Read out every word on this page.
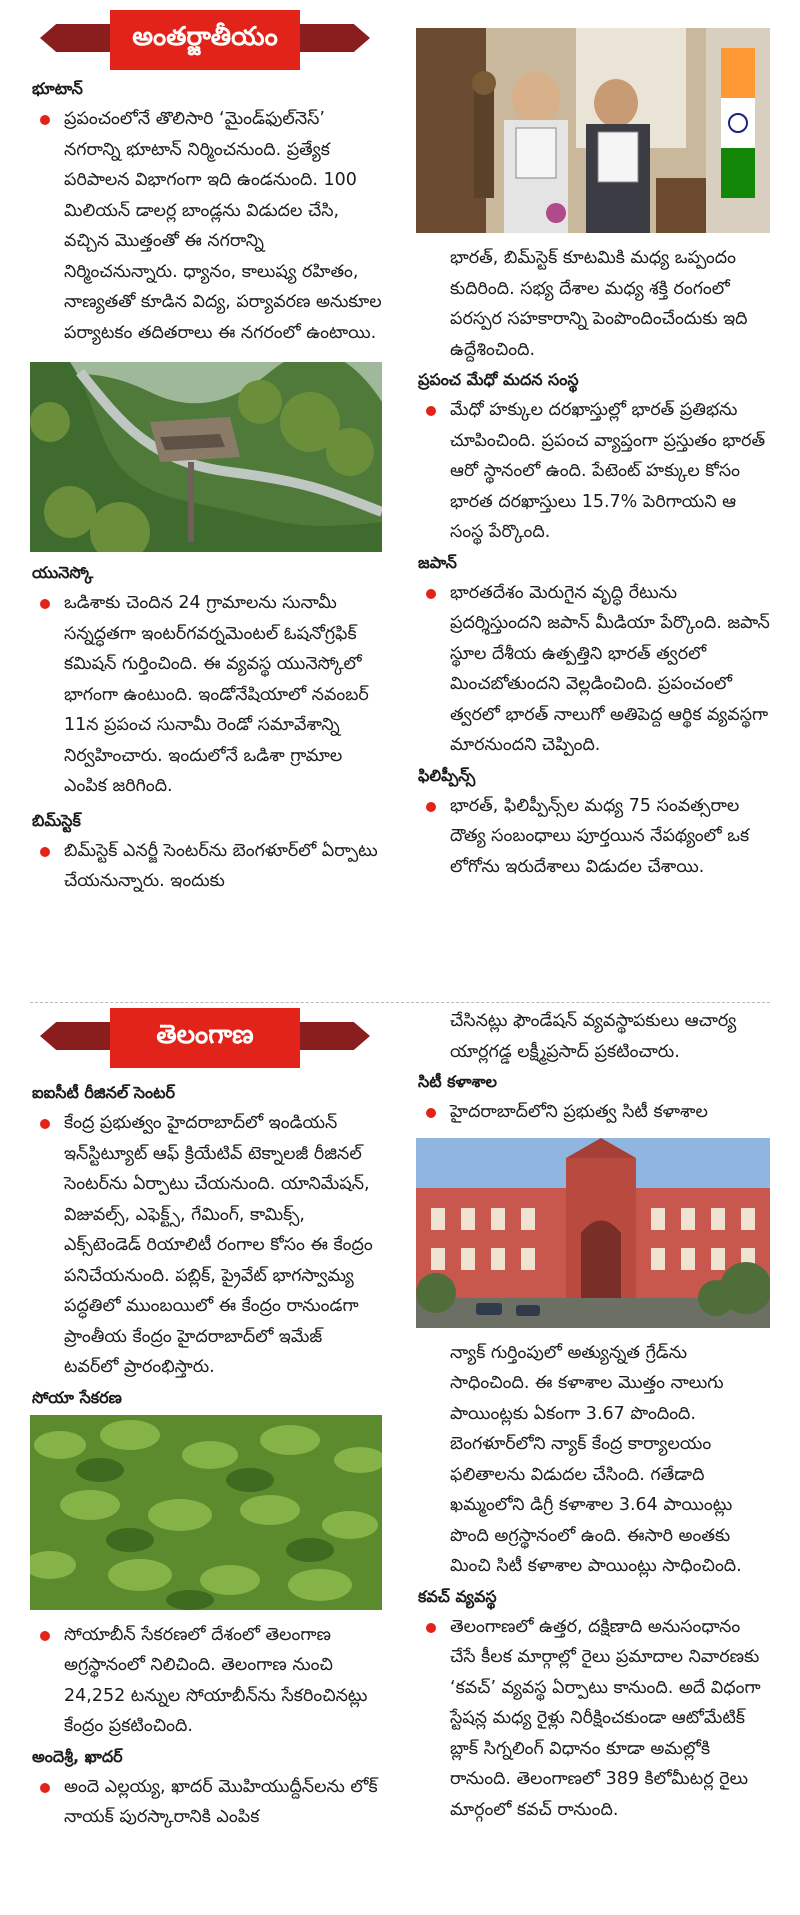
అంతర్జాతీయం
భూటాన్
ప్రపంచంలోనే తొలిసారి ‘మైండ్‌ఫుల్‌నెస్’ నగరాన్ని భూటాన్ నిర్మించనుంది. ప్రత్యేక పరిపాలన విభాగంగా ఇది ఉండనుంది. 100 మిలియన్ డాలర్ల బాండ్లను విడుదల చేసి, వచ్చిన మొత్తంతో ఈ నగరాన్ని నిర్మించనున్నారు. ధ్యానం, కాలుష్య రహితం, నాణ్యతతో కూడిన విద్య, పర్యావరణ అనుకూల పర్యాటకం తదితరాలు ఈ నగరంలో ఉంటాయి.
యునెస్కో
ఒడిశాకు చెందిన 24 గ్రామాలను సునామీ సన్నద్ధతగా ఇంటర్‌గవర్నమెంటల్ ఓషనోగ్రఫిక్ కమిషన్ గుర్తించింది. ఈ వ్యవస్థ యునెస్కోలో భాగంగా ఉంటుంది. ఇండోనేషియాలో నవంబర్ 11న ప్రపంచ సునామీ రెండో సమావేశాన్ని నిర్వహించారు. ఇందులోనే ఒడిశా గ్రామాల ఎంపిక జరిగింది.
బిమ్‌స్టెక్
బిమ్‌స్టెక్ ఎనర్జీ సెంటర్‌ను బెంగళూర్‌లో ఏర్పాటు చేయనున్నారు. ఇందుకు
భారత్, బిమ్‌స్టెక్ కూటమికి మధ్య ఒప్పందం కుదిరింది. సభ్య దేశాల మధ్య శక్తి రంగంలో పరస్పర సహకారాన్ని పెంపొందించేందుకు ఇది ఉద్దేశించింది.
ప్రపంచ మేధో మదన సంస్థ
మేధో హక్కుల దరఖాస్తుల్లో భారత్ ప్రతిభను చూపించింది. ప్రపంచ వ్యాప్తంగా ప్రస్తుతం భారత్ ఆరో స్థానంలో ఉంది. పేటెంట్ హక్కుల కోసం భారత దరఖాస్తులు 15.7% పెరిగాయని ఆ సంస్థ పేర్కొంది.
జపాన్
భారతదేశం మెరుగైన వృద్ధి రేటును ప్రదర్శిస్తుందని జపాన్ మీడియా పేర్కొంది. జపాన్ స్థూల దేశీయ ఉత్పత్తిని భారత్ త్వరలో మించబోతుందని వెల్లడించింది. ప్రపంచంలో త్వరలో భారత్ నాలుగో అతిపెద్ద ఆర్థిక వ్యవస్థగా మారనుందని చెప్పింది.
ఫిలిప్పీన్స్
భారత్, ఫిలిప్పీన్స్‌ల మధ్య 75 సంవత్సరాల దౌత్య సంబంధాలు పూర్తయిన నేపథ్యంలో ఒక లోగోను ఇరుదేశాలు విడుదల చేశాయి.
తెలంగాణ
ఐఐసీటీ రీజినల్ సెంటర్
కేంద్ర ప్రభుత్వం హైదరాబాద్‌లో ఇండియన్ ఇన్‌స్టిట్యూట్ ఆఫ్ క్రియేటివ్ టెక్నాలజీ రీజినల్ సెంటర్‌ను ఏర్పాటు చేయనుంది. యానిమేషన్, విజువల్స్, ఎఫెక్ట్స్, గేమింగ్, కామిక్స్, ఎక్స్‌టెండెడ్ రియాలిటీ రంగాల కోసం ఈ కేంద్రం పనిచేయనుంది. పబ్లిక్, ప్రైవేట్ భాగస్వామ్య పద్ధతిలో ముంబయిలో ఈ కేంద్రం రానుండగా ప్రాంతీయ కేంద్రం హైదరాబాద్‌లో ఇమేజ్ టవర్‌లో ప్రారంభిస్తారు.
సోయా సేకరణ
సోయాబీన్ సేకరణలో దేశంలో తెలంగాణ అగ్రస్థానంలో నిలిచింది. తెలంగాణ నుంచి 24,252 టన్నుల సోయాబీన్‌ను సేకరించినట్లు కేంద్రం ప్రకటించింది.
అందెశ్రీ, ఖాదర్
అందె ఎల్లయ్య, ఖాదర్ మొహియుద్దీన్‌లను లోక్ నాయక్ పురస్కారానికి ఎంపిక
చేసినట్లు ఫౌండేషన్ వ్యవస్థాపకులు ఆచార్య యార్లగడ్డ లక్ష్మీప్రసాద్ ప్రకటించారు.
సిటీ కళాశాల
హైదరాబాద్‌లోని ప్రభుత్వ సిటీ కళాశాల
న్యాక్ గుర్తింపులో అత్యున్నత గ్రేడ్‌ను సాధించింది. ఈ కళాశాల మొత్తం నాలుగు పాయింట్లకు ఏకంగా 3.67 పొందింది. బెంగళూర్‌లోని న్యాక్ కేంద్ర కార్యాలయం ఫలితాలను విడుదల చేసింది. గతేడాది ఖమ్మంలోని డిగ్రీ కళాశాల 3.64 పాయింట్లు పొంది అగ్రస్థానంలో ఉంది. ఈసారి అంతకు మించి సిటీ కళాశాల పాయింట్లు సాధించింది.
కవచ్ వ్యవస్థ
తెలంగాణలో ఉత్తర, దక్షిణాది అనుసంధానం చేసే కీలక మార్గాల్లో రైలు ప్రమాదాల నివారణకు ‘కవచ్’ వ్యవస్థ ఏర్పాటు కానుంది. అదే విధంగా స్టేషన్ల మధ్య రైళ్లు నిరీక్షించకుండా ఆటోమేటిక్ బ్లాక్ సిగ్నలింగ్ విధానం కూడా అమల్లోకి రానుంది. తెలంగాణలో 389 కిలోమీటర్ల రైలు మార్గంలో కవచ్ రానుంది.
